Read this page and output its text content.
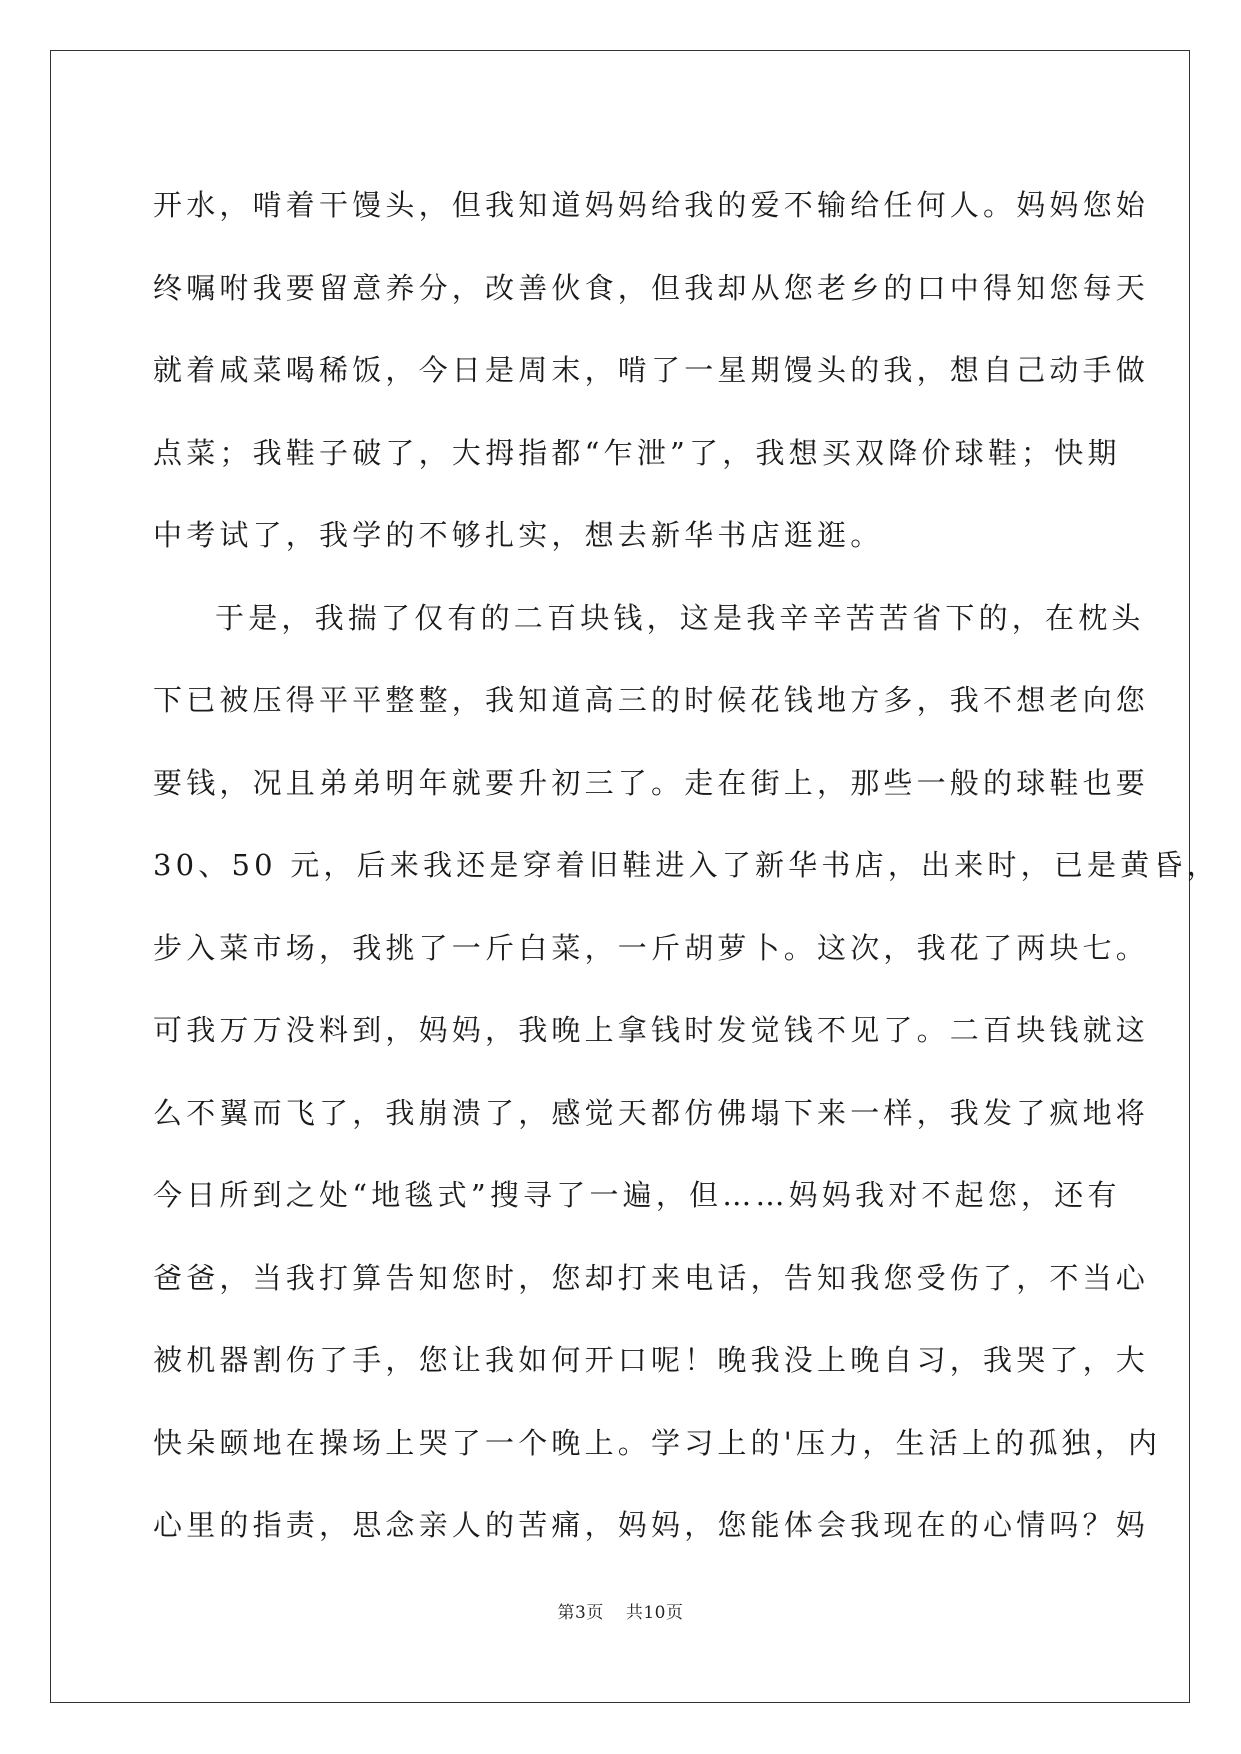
开水，啃着干馒头，但我知道妈妈给我的爱不输给任何人。妈妈您始
终嘱咐我要留意养分，改善伙食，但我却从您老乡的口中得知您每天
就着咸菜喝稀饭，今日是周末，啃了一星期馒头的我，想自己动手做
点菜；我鞋子破了，大拇指都“乍泄”了，我想买双降价球鞋；快期
中考试了，我学的不够扎实，想去新华书店逛逛。
于是，我揣了仅有的二百块钱，这是我辛辛苦苦省下的，在枕头
下已被压得平平整整，我知道高三的时候花钱地方多，我不想老向您
要钱，况且弟弟明年就要升初三了。走在街上，那些一般的球鞋也要
30、50 元，后来我还是穿着旧鞋进入了新华书店，出来时，已是黄昏，
步入菜市场，我挑了一斤白菜，一斤胡萝卜。这次，我花了两块七。
可我万万没料到，妈妈，我晚上拿钱时发觉钱不见了。二百块钱就这
么不翼而飞了，我崩溃了，感觉天都仿佛塌下来一样，我发了疯地将
今日所到之处“地毯式”搜寻了一遍，但……妈妈我对不起您，还有
爸爸，当我打算告知您时，您却打来电话，告知我您受伤了，不当心
被机器割伤了手，您让我如何开口呢！晚我没上晚自习，我哭了，大
快朵颐地在操场上哭了一个晚上。学习上的'压力，生活上的孤独，内
心里的指责，思念亲人的苦痛，妈妈，您能体会我现在的心情吗？妈
第3页 共10页
